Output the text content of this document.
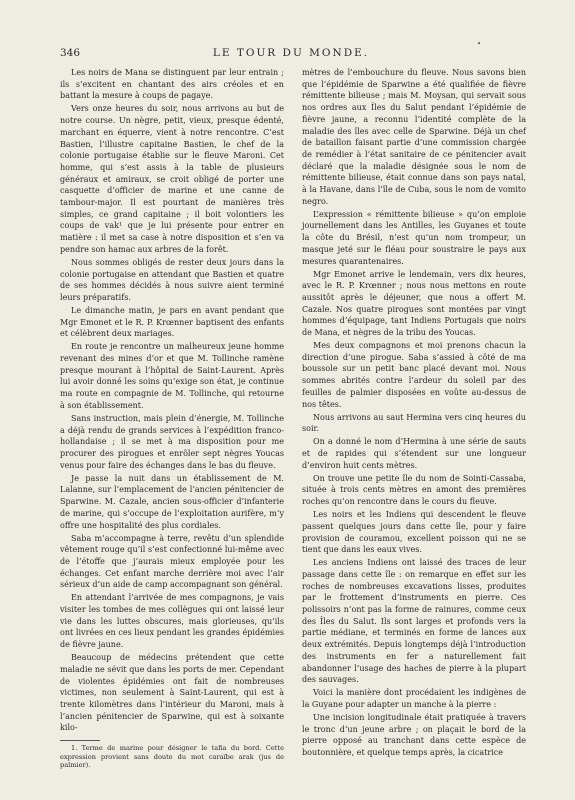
346	LE TOUR DU MONDE.
•

Les noirs de Mana se distinguent par leur entrain ; ils s’excitent en chantant des airs créoles et en battant la mesure à coups de pagaye.

Vers onze heures du soir, nous arrivons au but de notre course. Un nègre, petit, vieux, presque édenté, marchant en équerre, vient à notre rencontre. C’est Bastien, l’illustre capitaine Bastien, le chef de la colonie portugaise établie sur le fleuve Maroni. Cet homme, qui s’est assis à la table de plusieurs généraux et amiraux, se croit obligé de porter une casquette d’officier de marine et une canne de tambour-major. Il est pourtant de manières très simples, ce grand capitaine ; il boit volontiers les coups de vak¹ que je lui présente pour entrer en matière : il met sa case à notre disposition et s’en va pendre son hamac aux arbres de la forêt.

Nous sommes obligés de rester deux jours dans la colonie portugaise en attendant que Bastien et quatre de ses hommes décidés à nous suivre aient terminé leurs préparatifs.

Le dimanche matin, je pars en avant pendant que Mgr Emonet et le R. P. Krœnner baptisent des enfants et célèbrent deux mariages.

En route je rencontre un malheureux jeune homme revenant des mines d’or et que M. Tollinche ramène presque mourant à l’hôpital de Saint-Laurent. Après lui avoir donné les soins qu’exige son état, je continue ma route en compagnie de M. Tollinche, qui retourne à son établissement.

Sans instruction, mais plein d’énergie, M. Tollinche a déjà rendu de grands services à l’expédition franco-hollandaise ; il se met à ma disposition pour me procurer des pirogues et enrôler sept nègres Youcas venus pour faire des échanges dans le bas du fleuve.

Je passe la nuit dans un établissement de M. Lalanne, sur l’emplacement de l’ancien pénitencier de Sparwine. M. Cazale, ancien sous-officier d’infanterie de marine, qui s’occupe de l’exploitation aurifère, m’y offre une hospitalité des plus cordiales.

Saba m’accompagne à terre, revêtu d’un splendide vêtement rouge qu’il s’est confectionné lui-même avec de l’étoffe que j’aurais mieux employée pour les échanges. Cet enfant marche derrière moi avec l’air sérieux d’un aide de camp accompagnant son général.

En attendant l’arrivée de mes compagnons, je vais visiter les tombes de mes collègues qui ont laissé leur vie dans les luttes obscures, mais glorieuses, qu’ils ont livrées en ces lieux pendant les grandes épidémies de fièvre jaune.

Beaucoup de médecins prétendent que cette maladie ne sévit que dans les ports de mer. Cependant de violentes épidémies ont fait de nombreuses victimes, non seulement à Saint-Laurent, qui est à trente kilomètres dans l’intérieur du Maroni, mais à l’ancien pénitencier de Sparwine, qui est à soixante kilo-

1. Terme de marine pour désigner le tafia du bord. Cette expression provient sans doute du mot caraïbe arak (jus de palmier).

mètres de l’embouchure du fleuve. Nous savons bien que l’épidémie de Sparwine a été qualifiée de fièvre rémittente bilieuse ; mais M. Moysan, qui servait sous nos ordres aux Îles du Salut pendant l’épidémie de fièvre jaune, a reconnu l’identité complète de la maladie des îles avec celle de Sparwine. Déjà un chef de bataillon faisant partie d’une commission chargée de remédier à l’état sanitaire de ce pénitencier avait déclaré que la maladie désignée sous le nom de rémittente bilieuse, était connue dans son pays natal, à la Havane, dans l’île de Cuba, sous le nom de vomito negro.

L’expression « rémittente bilieuse » qu’on emploie journellement dans les Antilles, les Guyanes et toute la côte du Brésil, n’est qu’un nom trompeur, un masque jeté sur le fléau pour soustraire le pays aux mesures quarantenaires.

Mgr Emonet arrive le lendemain, vers dix heures, avec le R. P. Krœnner ; nous nous mettons en route aussitôt après le déjeuner, que nous a offert M. Cazale. Nos quatre pirogues sont montées par vingt hommes d’équipage, tant Indiens Portugais que noirs de Mana, et nègres de la tribu des Youcas.

Mes deux compagnons et moi prenons chacun la direction d’une pirogue. Saba s’assied à côté de ma boussole sur un petit banc placé devant moi. Nous sommes abrités contre l’ardeur du soleil par des feuilles de palmier disposées en voûte au-dessus de nos têtes.

Nous arrivons au saut Hermina vers cinq heures du soir.

On a donné le nom d’Hermina à une série de sauts et de rapides qui s’étendent sur une longueur d’environ huit cents mètres.

On trouve une petite île du nom de Sointi-Cassaba, située à trois cents mètres en amont des premières roches qu’on rencontre dans le cours du fleuve.

Les noirs et les Indiens qui descendent le fleuve passent quelques jours dans cette île, pour y faire provision de couramou, excellent poisson qui ne se tient que dans les eaux vives.

Les anciens Indiens ont laissé des traces de leur passage dans cette île : on remarque en effet sur les roches de nombreuses excavations lisses, produites par le frottement d’instruments en pierre. Ces polissoirs n’ont pas la forme de rainures, comme ceux des Îles du Salut. Ils sont larges et profonds vers la partie médiane, et terminés en forme de lances aux deux extrémités. Depuis longtemps déjà l’introduction des instruments en fer a naturellement fait abandonner l’usage des haches de pierre à la plupart des sauvages.

Voici la manière dont procédaient les indigènes de la Guyane pour adapter un manche à la pierre :

Une incision longitudinale était pratiquée à travers le tronc d’un jeune arbre ; on plaçait le bord de la pierre opposé au tranchant dans cette espèce de boutonnière, et quelque temps après, la cicatrice
